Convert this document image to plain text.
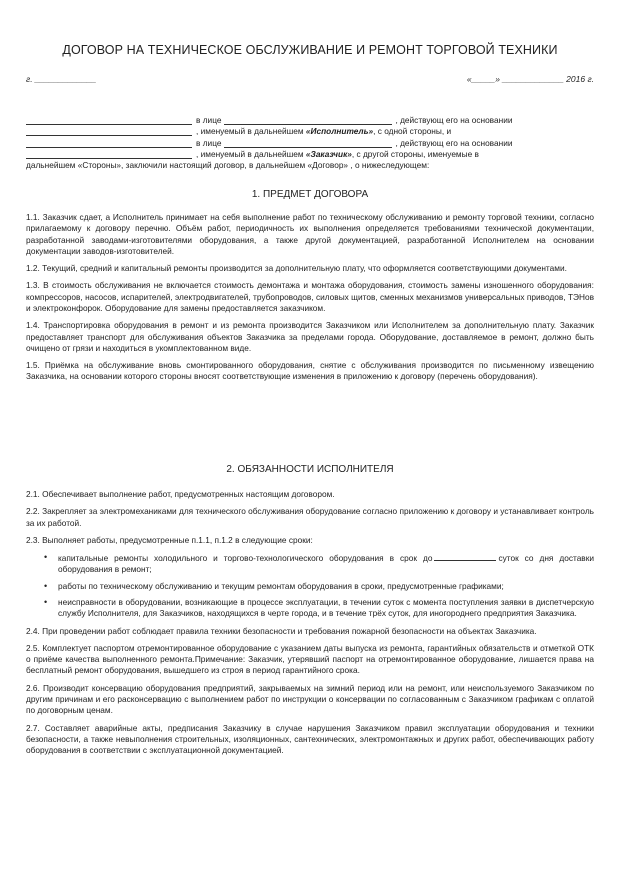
ДОГОВОР НА ТЕХНИЧЕСКОЕ ОБСЛУЖИВАНИЕ И РЕМОНТ ТОРГОВОЙ ТЕХНИКИ
г. _____________	«_____» _____________ 2016 г.
в лице	, действующ его на основании
, именуемый в дальнейшем «Исполнитель» , с одной стороны, и
в лице	, действующ его на основании
, именуемый в дальнейшем «Заказчик» , с другой стороны, именуемые в
дальнейшем «Стороны», заключили настоящий договор, в дальнейшем «Договор» , о нижеследующем:
1. ПРЕДМЕТ ДОГОВОРА

1.1. Заказчик сдает, а Исполнитель принимает на себя выполнение работ по техническому обслуживанию и ремонту торговой техники, согласно прилагаемому к договору перечню. Объём работ, периодичность их выполнения определяется требованиями технической документации, разработанной заводами-изготовителями оборудования, а также другой документацией, разработанной Исполнителем на основании документации заводов-изготовителей.

1.2. Текущий, средний и капитальный ремонты производится за дополнительную плату, что оформляется соответствующими документами.

1.3. В стоимость обслуживания не включается стоимость демонтажа и монтажа оборудования, стоимость замены изношенного оборудования: компрессоров, насосов, испарителей, электродвигателей, трубопроводов, силовых щитов, сменных механизмов универсальных приводов, ТЭНов и электроконфорок. Оборудование для замены предоставляется заказчиком.

1.4. Транспортировка оборудования в ремонт и из ремонта производится Заказчиком или Исполнителем за дополнительную плату. Заказчик предоставляет транспорт для обслуживания объектов Заказчика за пределами города. Оборудование, доставляемое в ремонт, должно быть очищено от грязи и находиться в укомплектованном виде.

1.5. Приёмка на обслуживание вновь смонтированного оборудования, снятие с обслуживания производится по письменному извещению Заказчика, на основании которого стороны вносят соответствующие изменения в приложению к договору (перечень оборудования).

2. ОБЯЗАННОСТИ ИСПОЛНИТЕЛЯ

2.1. Обеспечивает выполнение работ, предусмотренных настоящим договором.

2.2. Закрепляет за электромеханиками для технического обслуживания оборудование согласно приложению к договору и устанавливает контроль за их работой.

2.3. Выполняет работы, предусмотренные п.1.1, п.1.2 в следующие сроки:

• капитальные ремонты холодильного и торгово-технологического оборудования в срок до	суток со дня доставки оборудования в ремонт;
• работы по техническому обслуживанию и текущим ремонтам оборудования в сроки, предусмотренные графиками;
• неисправности в оборудовании, возникающие в процессе эксплуатации, в течении суток с момента поступления заявки в диспетчерскую службу Исполнителя, для Заказчиков, находящихся в черте города, и в течение трёх суток, для иногороднего предприятия Заказчика.

2.4. При проведении работ соблюдает правила техники безопасности и требования пожарной безопасности на объектах Заказчика.

2.5. Комплектует паспортом отремонтированное оборудование с указанием даты выпуска из ремонта, гарантийных обязательств и отметкой ОТК о приёме качества выполненного ремонта.Примечание: Заказчик, утерявший паспорт на отремонтированное оборудование, лишается права на бесплатный ремонт оборудования, вышедшего из строя в период гарантийного срока.

2.6. Производит консервацию оборудования предприятий, закрываемых на зимний период или на ремонт, или неиспользуемого Заказчиком по другим причинам и его расконсервацию с выполнением работ по инструкции о консервации по согласованным с Заказчиком графикам с оплатой по договорным ценам.

2.7. Составляет аварийные акты, предписания Заказчику в случае нарушения Заказчиком правил эксплуатации оборудования и техники безопасности, а также невыполнения строительных, изоляционных, сантехнических, электромонтажных и других работ, обеспечивающих работу оборудования в соответствии с эксплуатационной документацией.
